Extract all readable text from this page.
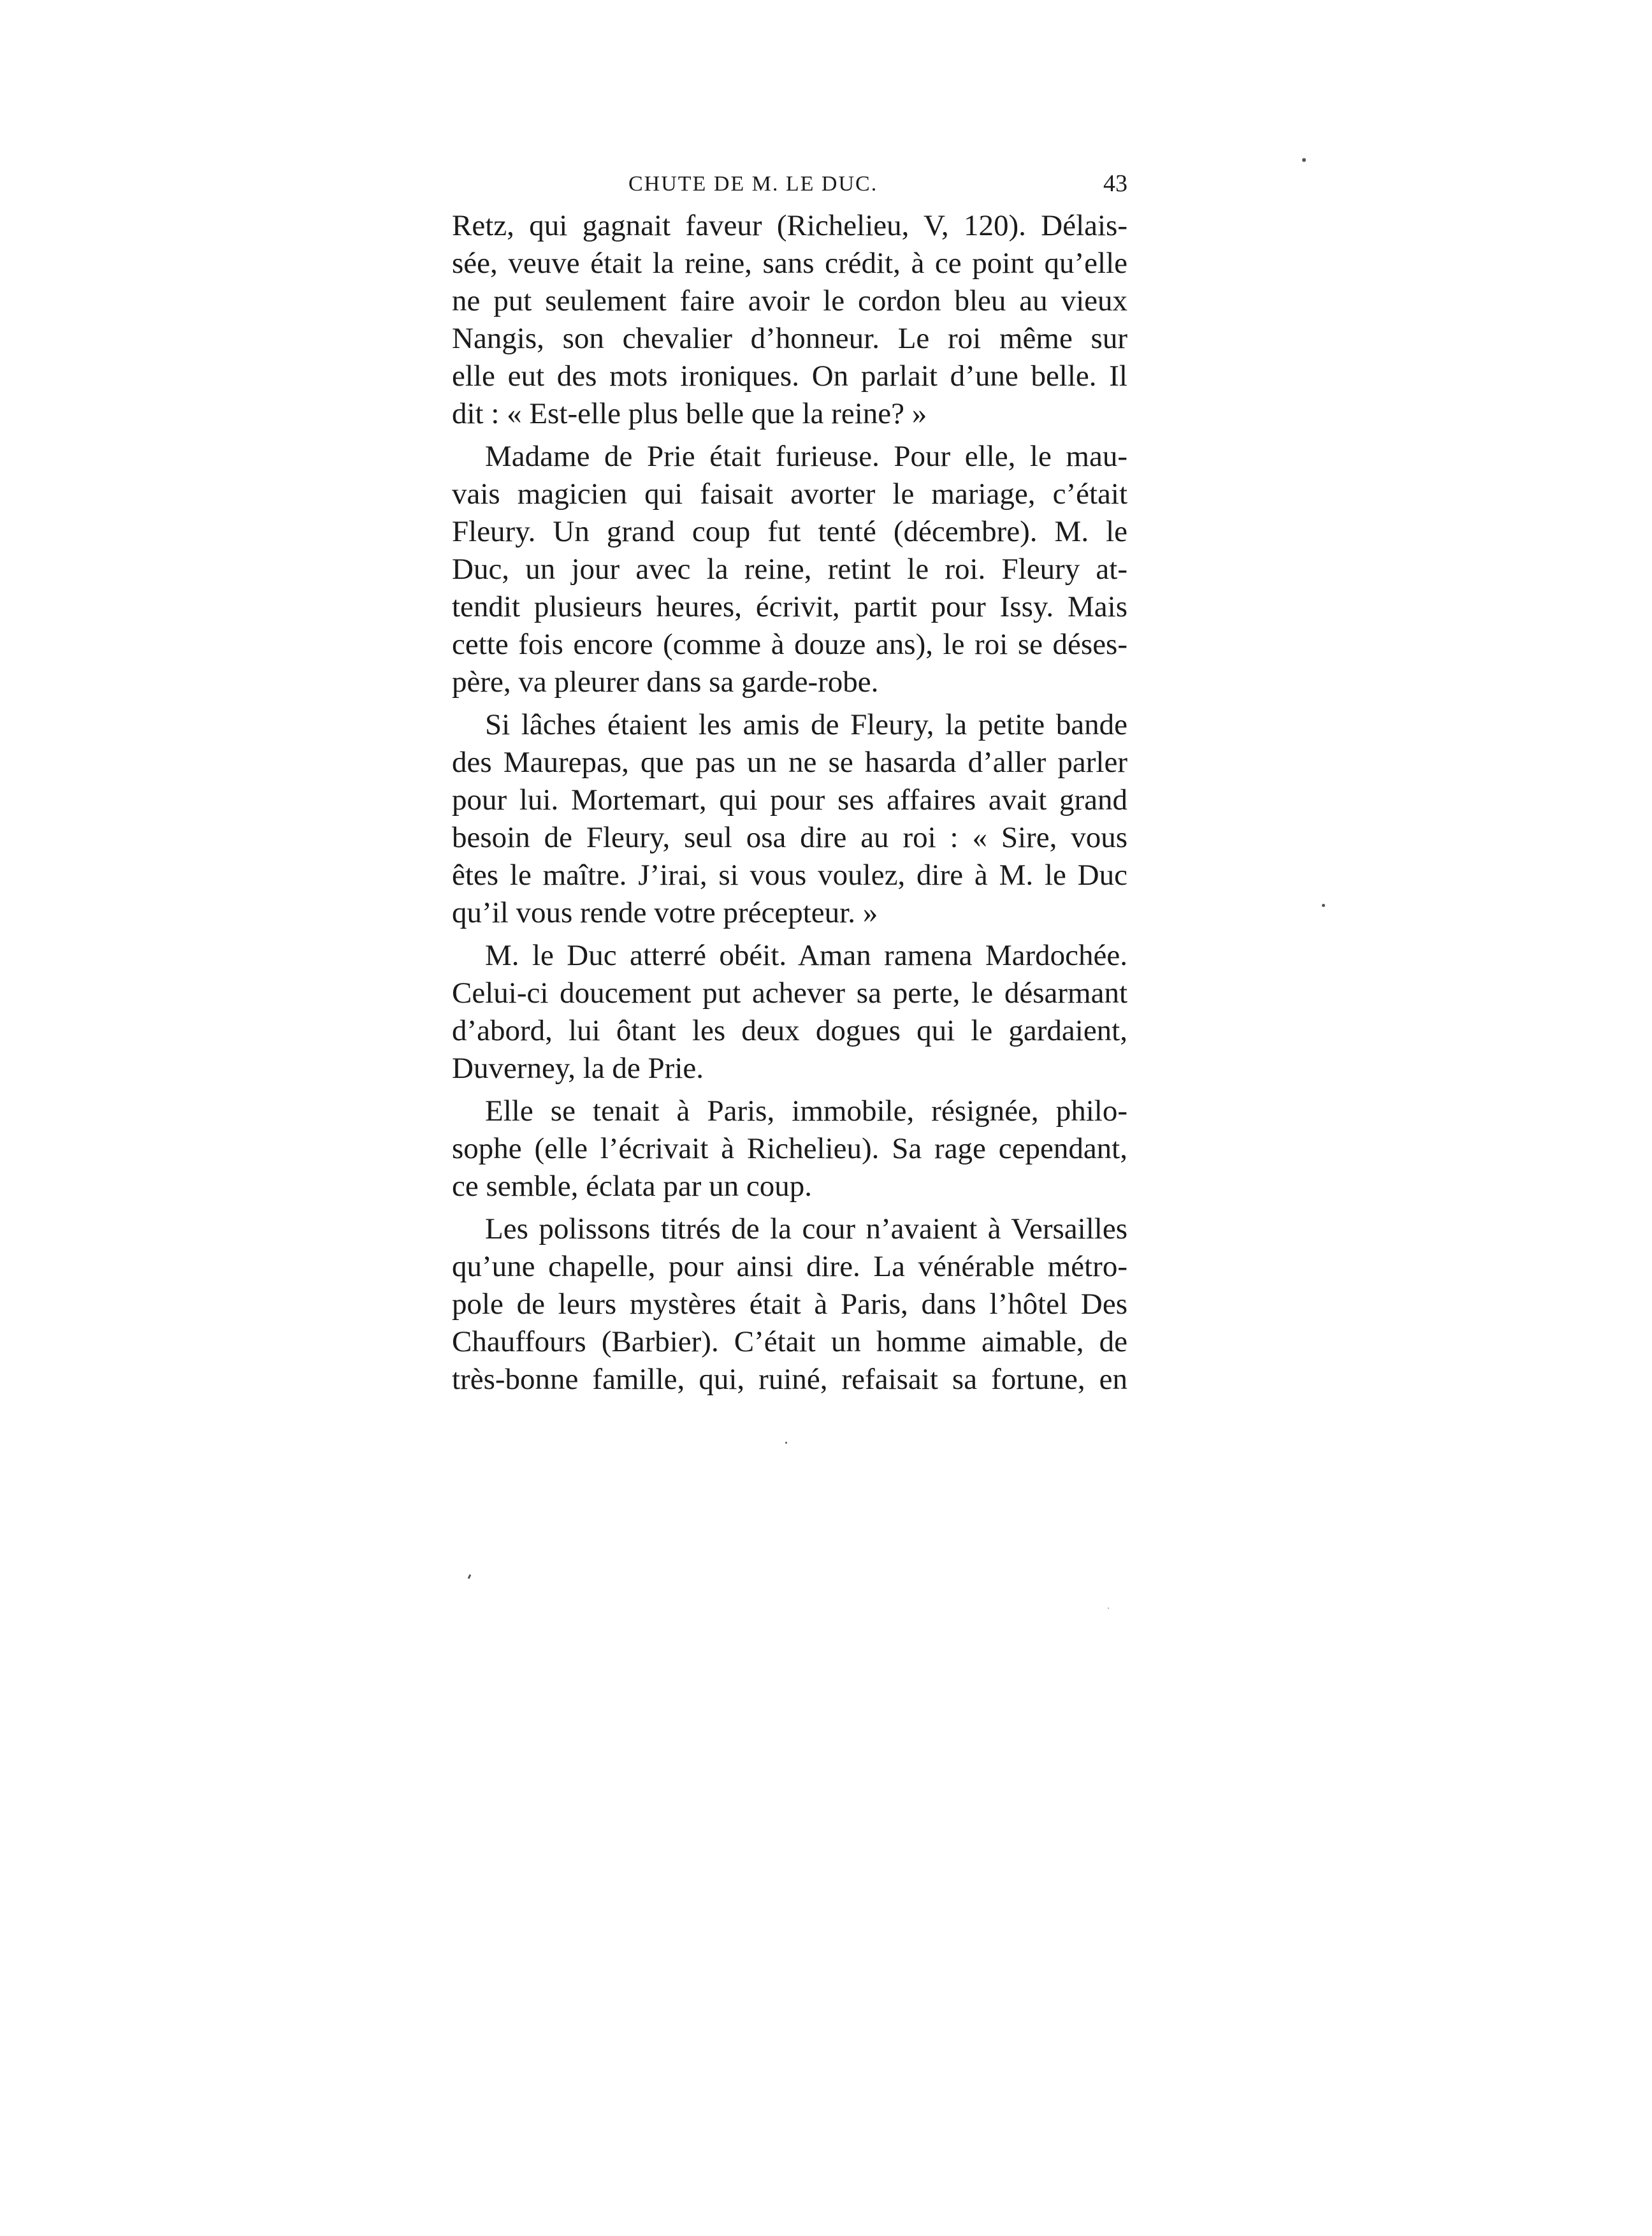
CHUTE DE M. LE DUC.	43
Retz, qui gagnait faveur (Richelieu, V, 120). Délais-
sée, veuve était la reine, sans crédit, à ce point qu’elle
ne put seulement faire avoir le cordon bleu au vieux
Nangis, son chevalier d’honneur. Le roi même sur
elle eut des mots ironiques. On parlait d’une belle. Il
dit : « Est-elle plus belle que la reine? »
Madame de Prie était furieuse. Pour elle, le mau-
vais magicien qui faisait avorter le mariage, c’était
Fleury. Un grand coup fut tenté (décembre). M. le
Duc, un jour avec la reine, retint le roi. Fleury at-
tendit plusieurs heures, écrivit, partit pour Issy. Mais
cette fois encore (comme à douze ans), le roi se déses-
père, va pleurer dans sa garde-robe.
Si lâches étaient les amis de Fleury, la petite bande
des Maurepas, que pas un ne se hasarda d’aller parler
pour lui. Mortemart, qui pour ses affaires avait grand
besoin de Fleury, seul osa dire au roi : « Sire, vous
êtes le maître. J’irai, si vous voulez, dire à M. le Duc
qu’il vous rende votre précepteur. »
M. le Duc atterré obéit. Aman ramena Mardochée.
Celui-ci doucement put achever sa perte, le désarmant
d’abord, lui ôtant les deux dogues qui le gardaient,
Duverney, la de Prie.
Elle se tenait à Paris, immobile, résignée, philo-
sophe (elle l’écrivait à Richelieu). Sa rage cependant,
ce semble, éclata par un coup.
Les polissons titrés de la cour n’avaient à Versailles
qu’une chapelle, pour ainsi dire. La vénérable métro-
pole de leurs mystères était à Paris, dans l’hôtel Des
Chauffours (Barbier). C’était un homme aimable, de
très-bonne famille, qui, ruiné, refaisait sa fortune, en
